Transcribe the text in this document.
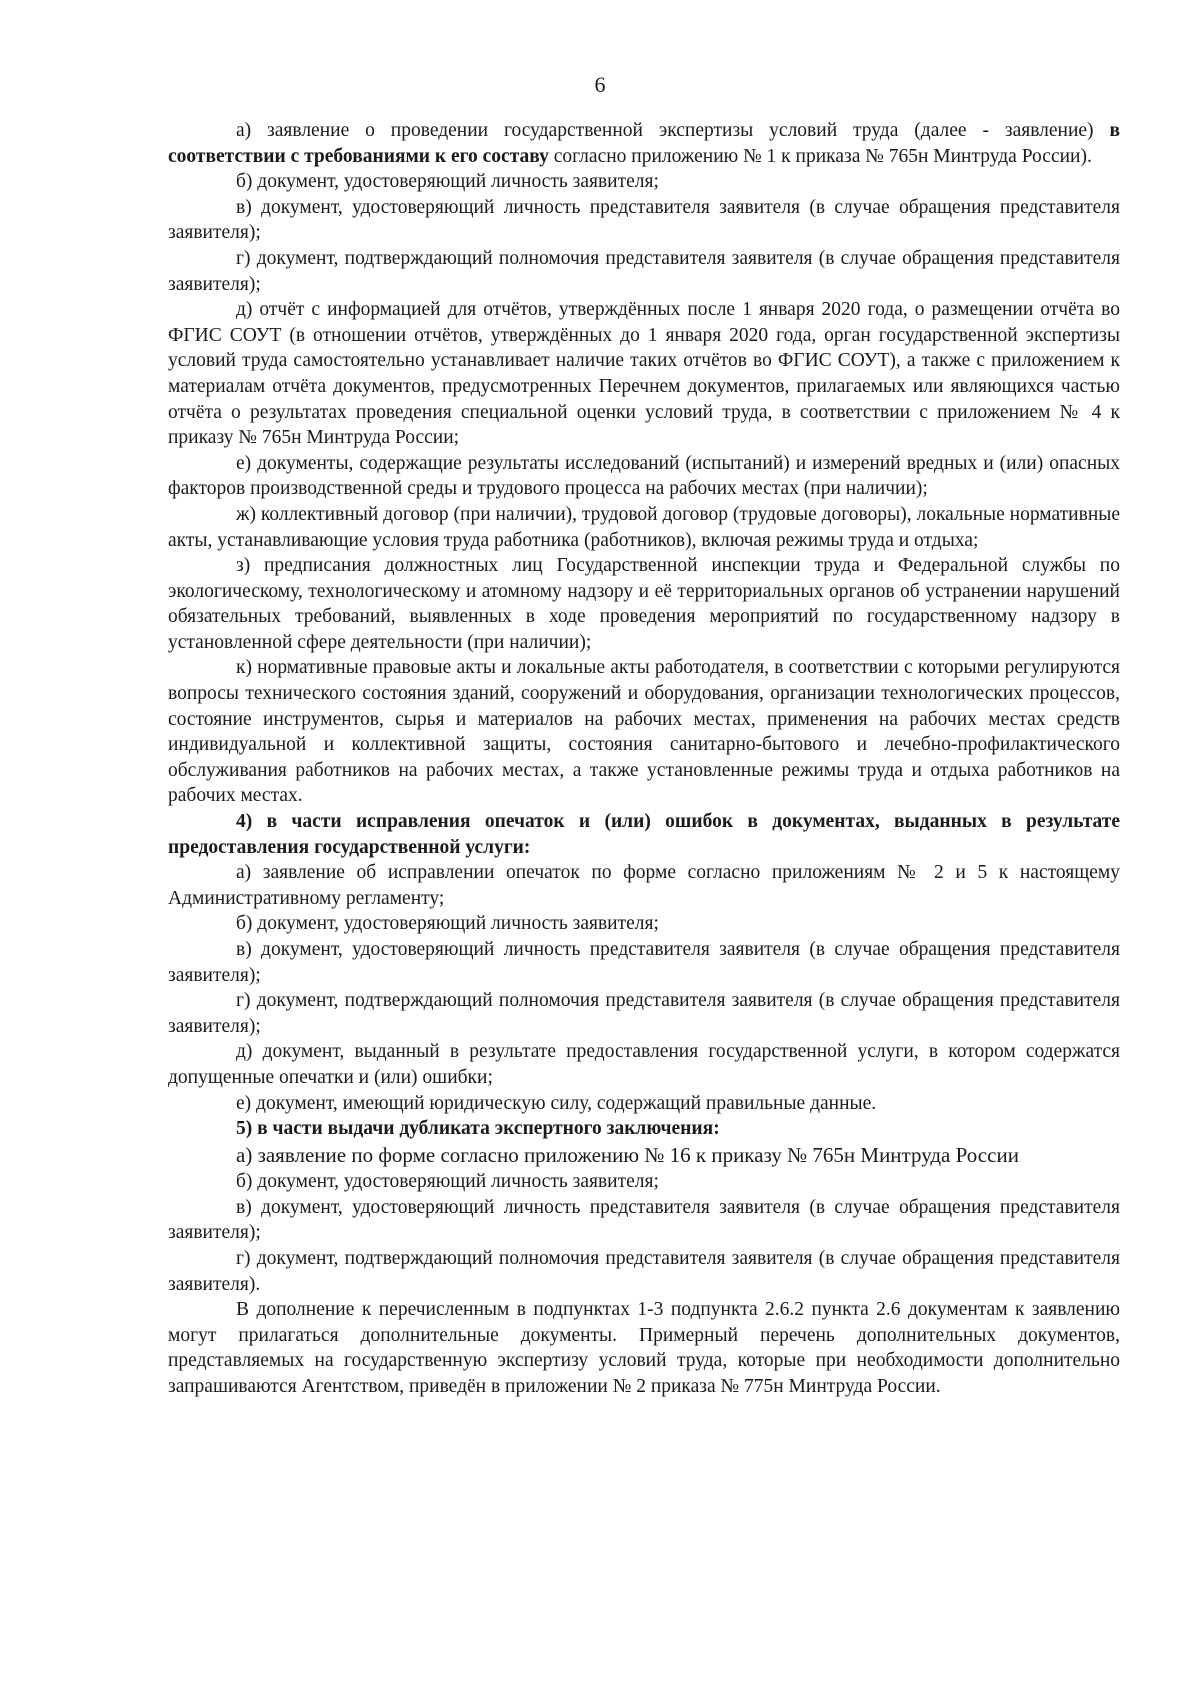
6

а) заявление о проведении государственной экспертизы условий труда (далее - заявление) в соответствии с требованиями к его составу согласно приложению № 1 к приказа № 765н Минтруда России).

б) документ, удостоверяющий личность заявителя;

в) документ, удостоверяющий личность представителя заявителя (в случае обращения представителя заявителя);

г) документ, подтверждающий полномочия представителя заявителя (в случае обращения представителя заявителя);

д) отчёт с информацией для отчётов, утверждённых после 1 января 2020 года, о размещении отчёта во ФГИС СОУТ (в отношении отчётов, утверждённых до 1 января 2020 года, орган государственной экспертизы условий труда самостоятельно устанавливает наличие таких отчётов во ФГИС СОУТ), а также с приложением к материалам отчёта документов, предусмотренных Перечнем документов, прилагаемых или являющихся частью отчёта о результатах проведения специальной оценки условий труда, в соответствии с приложением № 4 к приказу № 765н Минтруда России;

е) документы, содержащие результаты исследований (испытаний) и измерений вредных и (или) опасных факторов производственной среды и трудового процесса на рабочих местах (при наличии);

ж) коллективный договор (при наличии), трудовой договор (трудовые договоры), локальные нормативные акты, устанавливающие условия труда работника (работников), включая режимы труда и отдыха;

з) предписания должностных лиц Государственной инспекции труда и Федеральной службы по экологическому, технологическому и атомному надзору и её территориальных органов об устранении нарушений обязательных требований, выявленных в ходе проведения мероприятий по государственному надзору в установленной сфере деятельности (при наличии);

к) нормативные правовые акты и локальные акты работодателя, в соответствии с которыми регулируются вопросы технического состояния зданий, сооружений и оборудования, организации технологических процессов, состояние инструментов, сырья и материалов на рабочих местах, применения на рабочих местах средств индивидуальной и коллективной защиты, состояния санитарно-бытового и лечебно-профилактического обслуживания работников на рабочих местах, а также установленные режимы труда и отдыха работников на рабочих местах.

4) в части исправления опечаток и (или) ошибок в документах, выданных в результате предоставления государственной услуги:

а) заявление об исправлении опечаток по форме согласно приложениям № 2 и 5 к настоящему Административному регламенту;

б) документ, удостоверяющий личность заявителя;

в) документ, удостоверяющий личность представителя заявителя (в случае обращения представителя заявителя);

г) документ, подтверждающий полномочия представителя заявителя (в случае обращения представителя заявителя);

д) документ, выданный в результате предоставления государственной услуги, в котором содержатся допущенные опечатки и (или) ошибки;

е) документ, имеющий юридическую силу, содержащий правильные данные.

5) в части выдачи дубликата экспертного заключения:

а) заявление по форме согласно приложению № 16 к приказу № 765н Минтруда России

б) документ, удостоверяющий личность заявителя;

в) документ, удостоверяющий личность представителя заявителя (в случае обращения представителя заявителя);

г) документ, подтверждающий полномочия представителя заявителя (в случае обращения представителя заявителя).

В дополнение к перечисленным в подпунктах 1-3 подпункта 2.6.2 пункта 2.6 документам к заявлению могут прилагаться дополнительные документы. Примерный перечень дополнительных документов, представляемых на государственную экспертизу условий труда, которые при необходимости дополнительно запрашиваются Агентством, приведён в приложении № 2 приказа № 775н Минтруда России.
